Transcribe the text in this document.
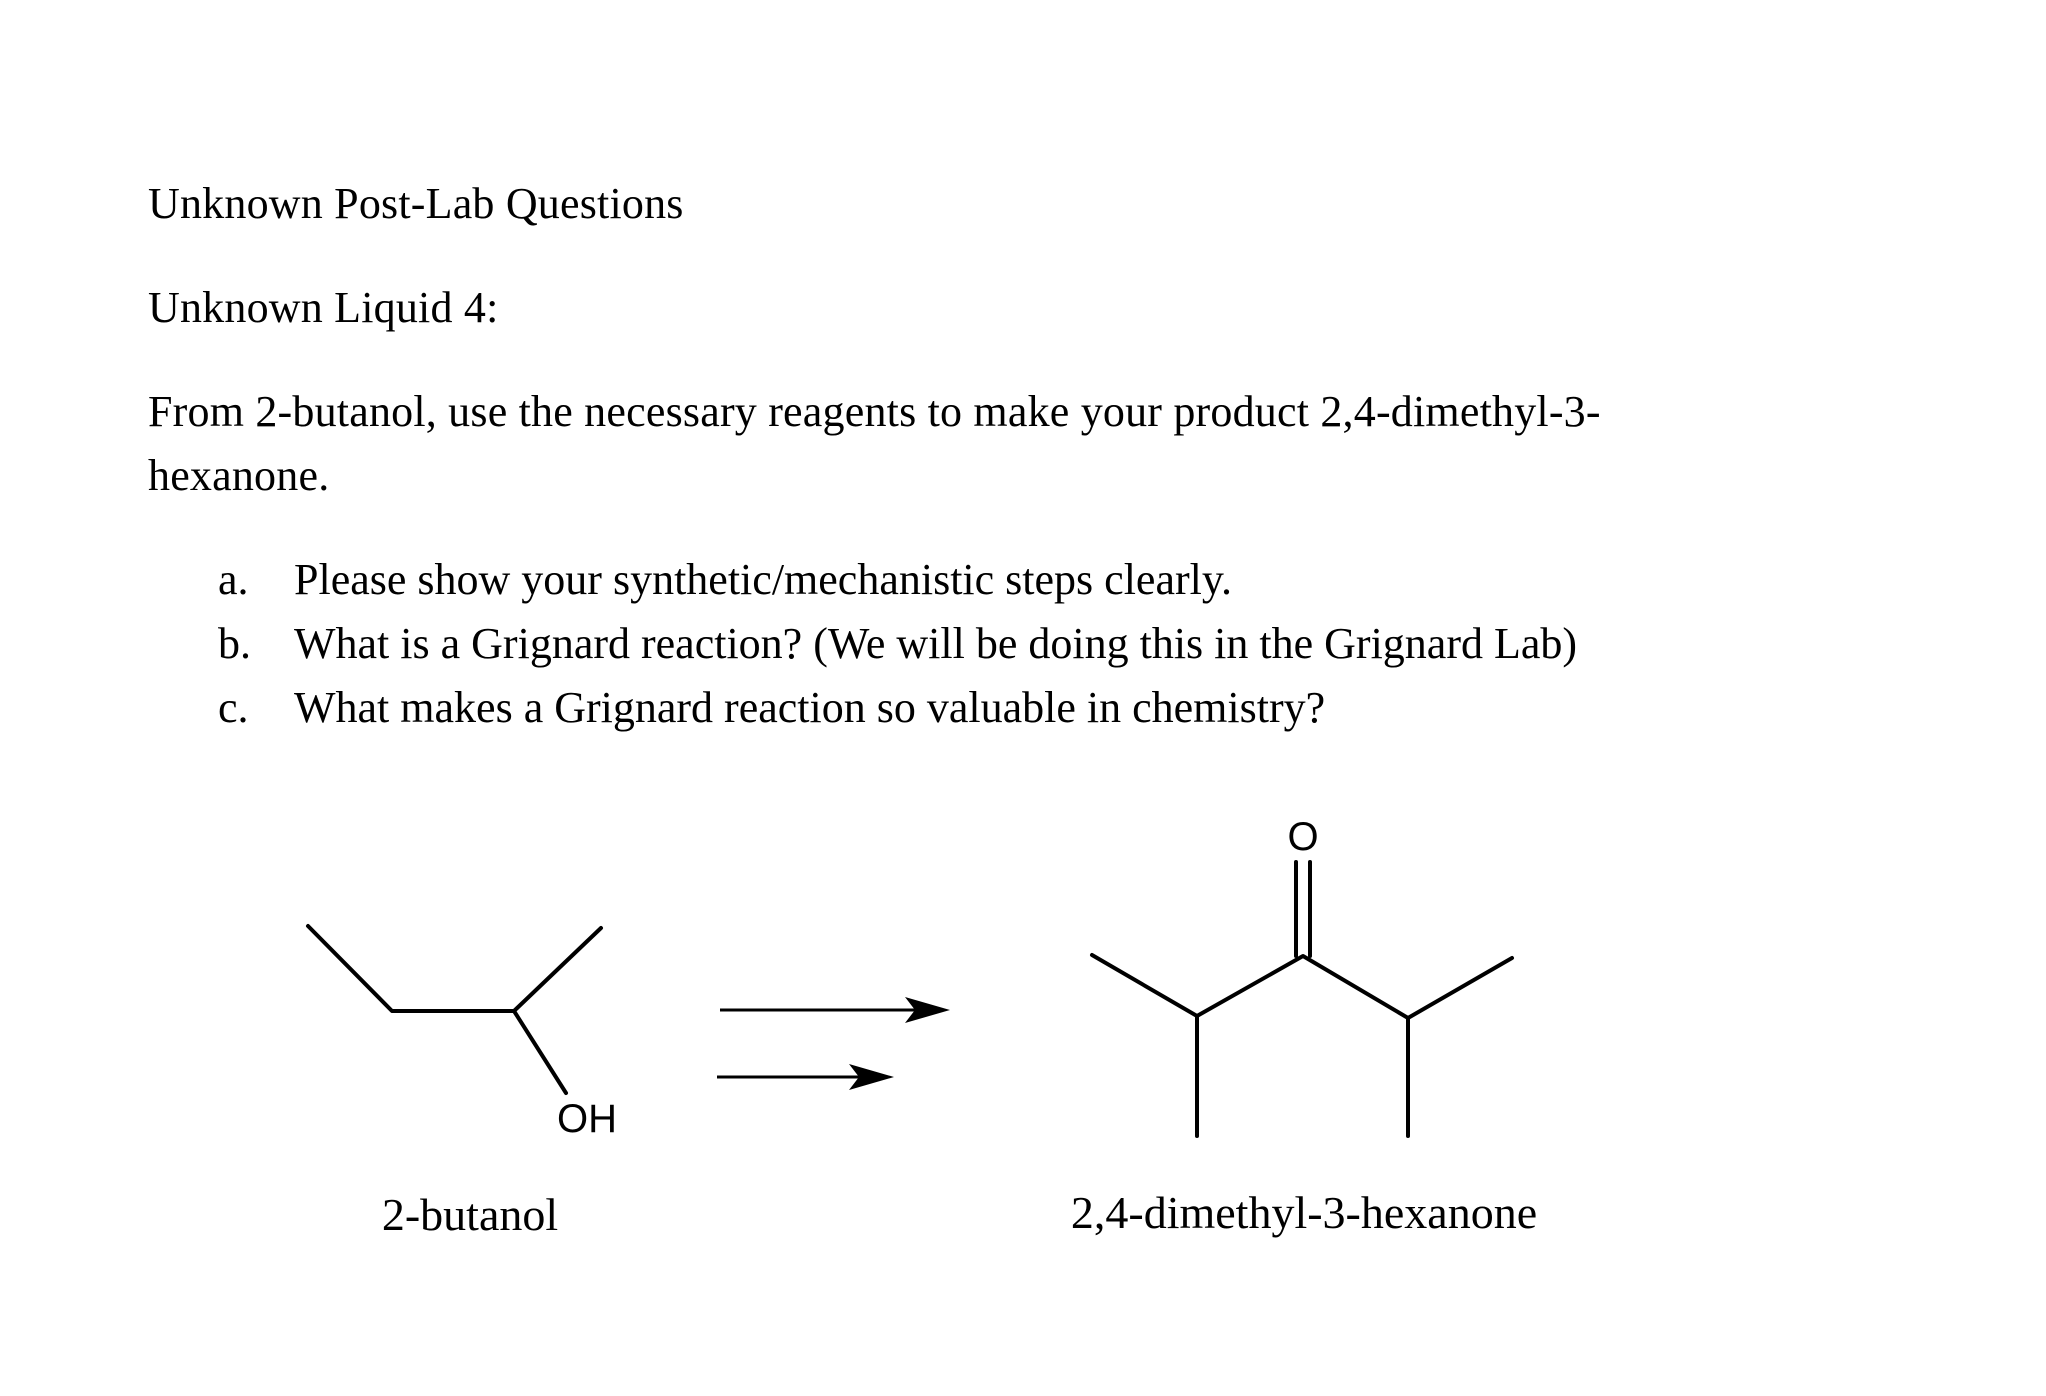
Unknown Post-Lab Questions
Unknown Liquid 4:
From 2-butanol, use the necessary reagents to make your product 2,4-dimethyl-3-
hexanone.
a. Please show your synthetic/mechanistic steps clearly.
b. What is a Grignard reaction? (We will be doing this in the Grignard Lab)
c. What makes a Grignard reaction so valuable in chemistry?
OH
O
2-butanol	2,4-dimethyl-3-hexanone
